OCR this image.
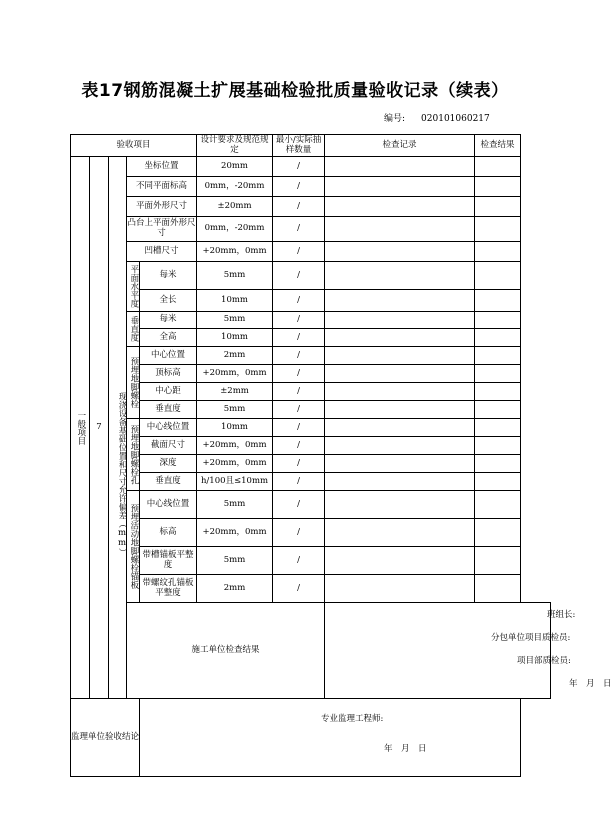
表17钢筋混凝土扩展基础检验批质量验收记录（续表）
编号: 020101060217
验收项目					设计要求及规范规定	最小/实际抽样数量	检查记录	检查结果
一般项目	7	现浇设备基础位置和尺寸允许偏差（mm）	坐标位置		20mm	/		
			不同平面标高		0mm，-20mm	/		
			平面外形尺寸		±20mm	/		
			凸台上平面外形尺寸		0mm，-20mm	/		
			凹槽尺寸		+20mm，0mm	/		
			平面水平度	每米	5mm	/		

				全长	10mm	/		
			垂直度	每米	5mm	/		
				全高	10mm	/		
			预埋地脚螺栓	中心位置	2mm	/		
				顶标高	+20mm，0mm	/		
				中心距	±2mm	/		
				垂直度	5mm	/		
			预埋地脚螺栓孔	中心线位置	10mm	/		
				截面尺寸	+20mm，0mm	/		
				深度	+20mm，0mm	/		
				垂直度	h/100且≤10mm	/		
			预埋活动地脚螺栓锚板	中心线位置	5mm	/		
				标高	+20mm，0mm	/		
				带槽锚板平整度	5mm	/		
				带螺纹孔锚板平整度	2mm	/		

			施工单位检查结果				班组长:
分包单位项目质检员:
项目部质检员:
年　月　日	

监理单位验收结论				专业监理工程师:
年　月　日				
